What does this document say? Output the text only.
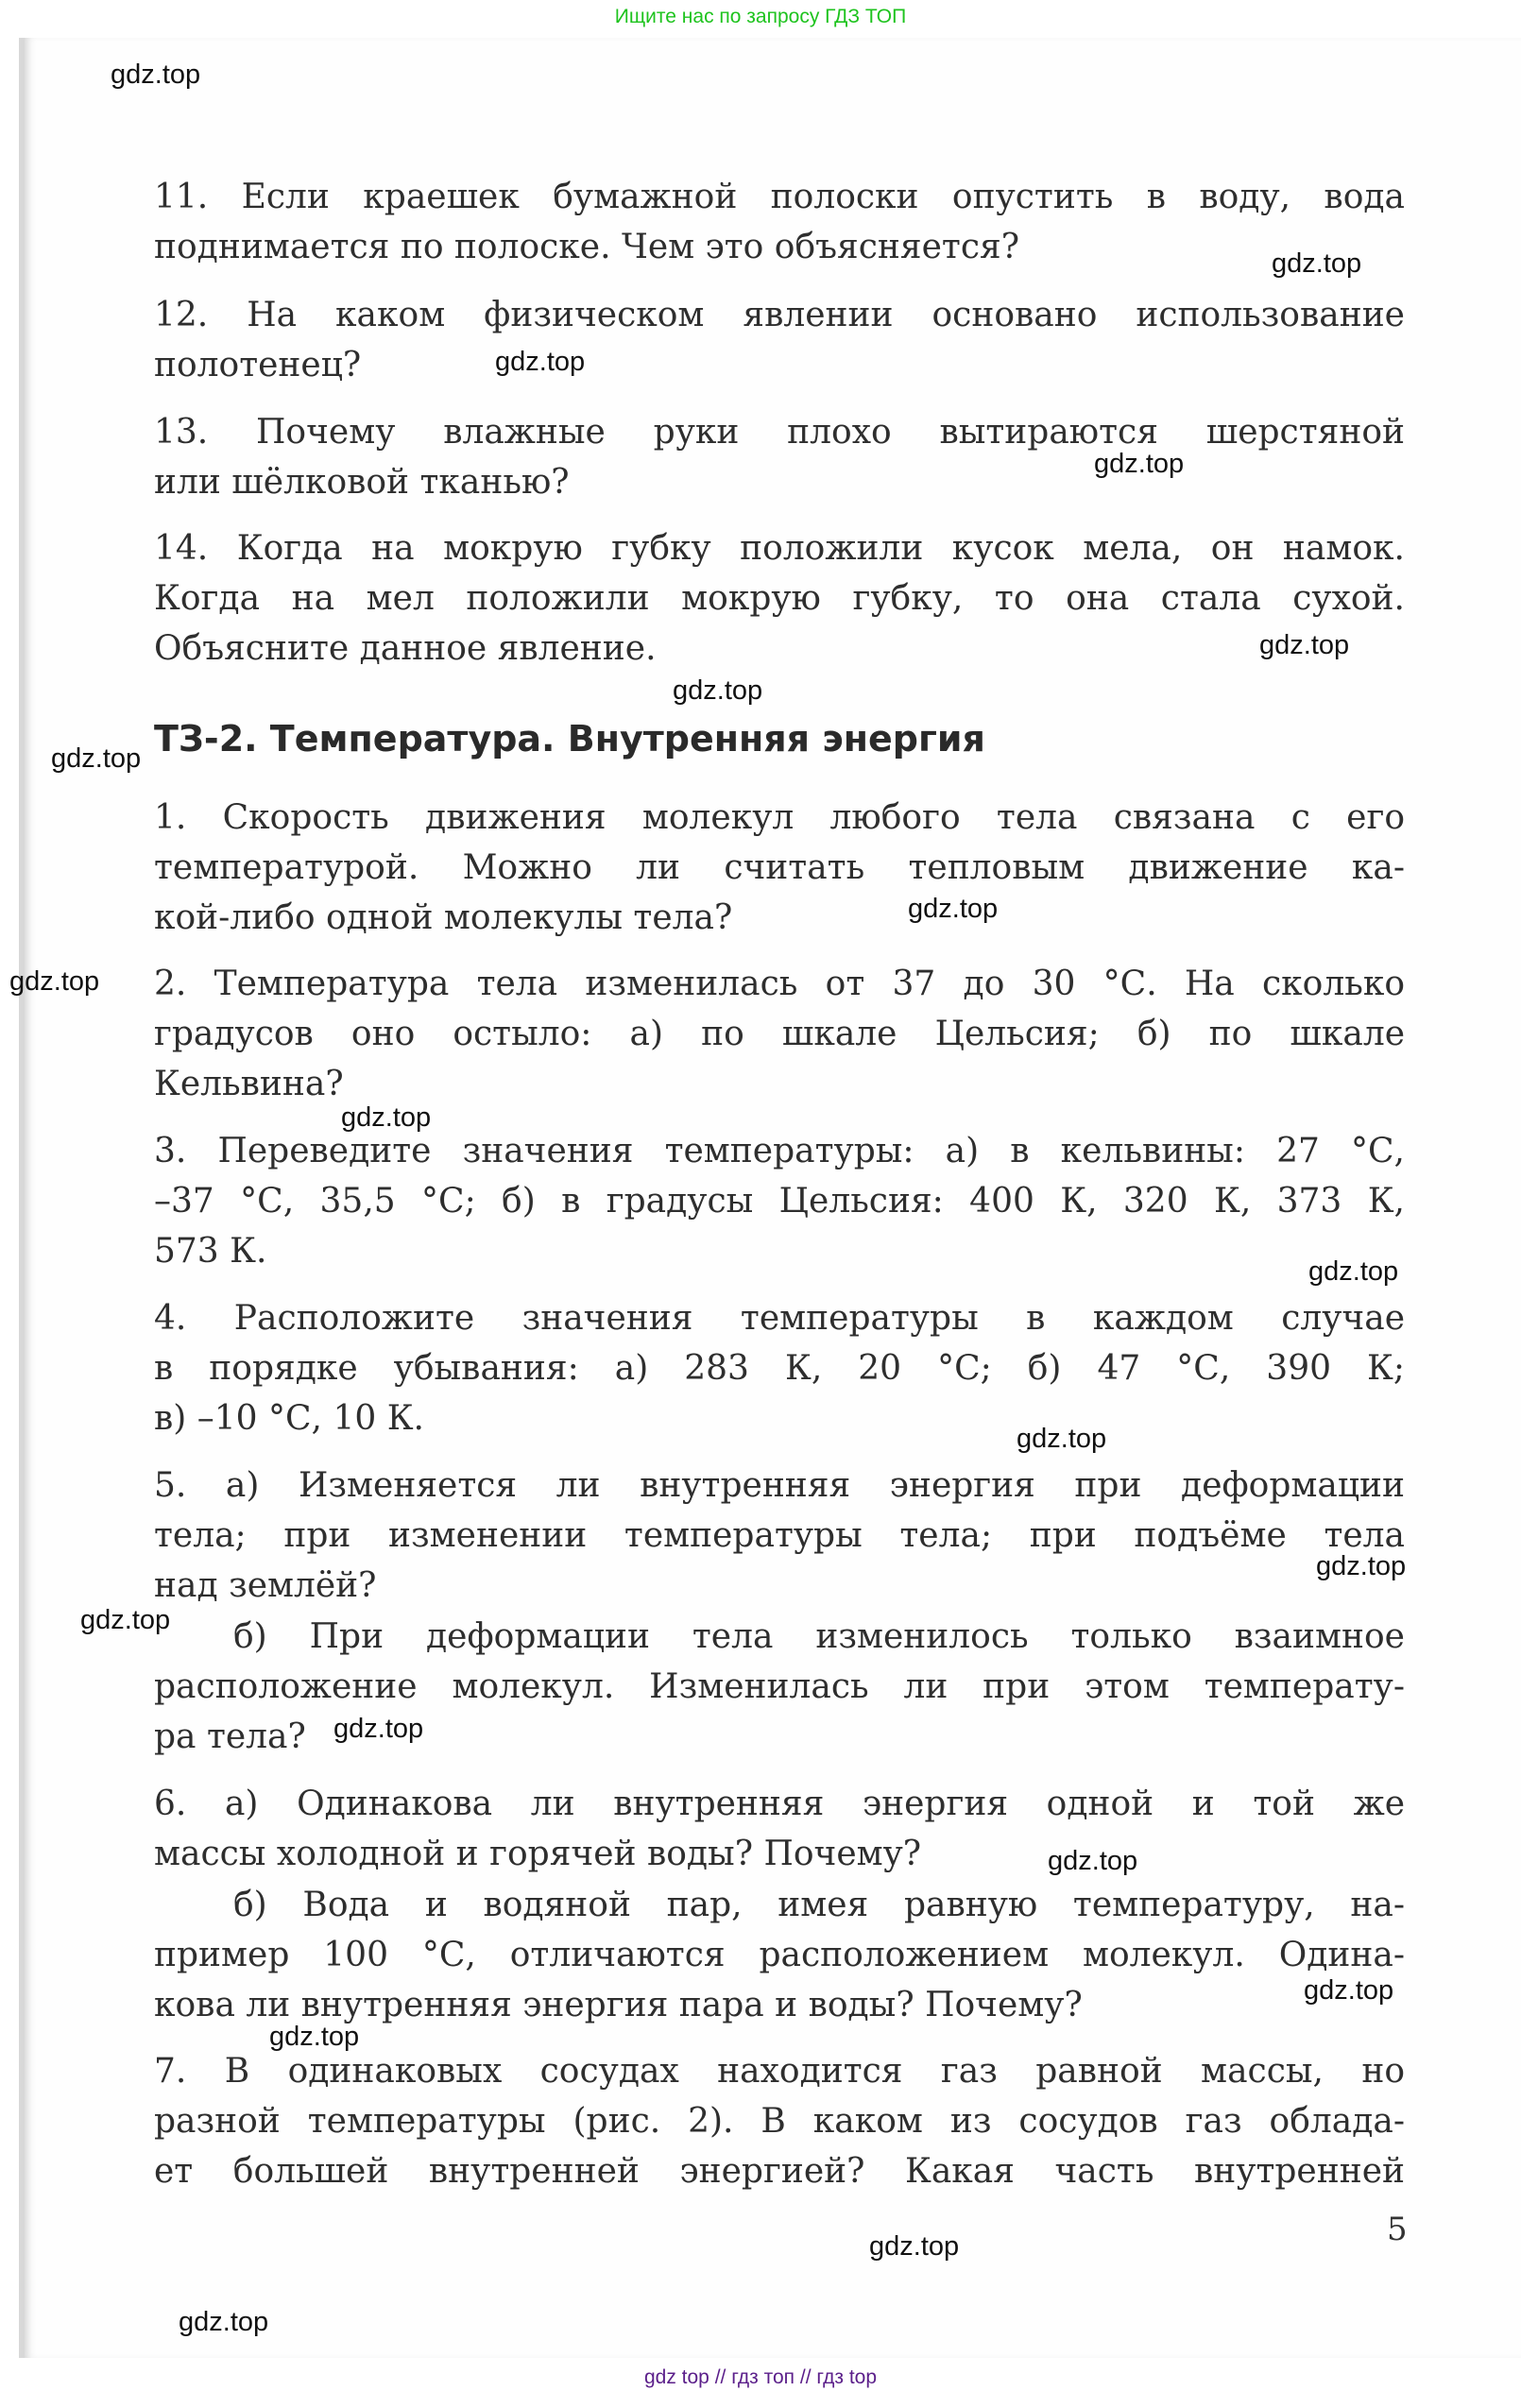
Ищите нас по запросу ГДЗ ТОП
11. Если краешек бумажной полоски опустить в воду, вода
поднимается по полоске. Чем это объясняется?
12. На каком физическом явлении основано использование
полотенец?
13. Почему влажные руки плохо вытираются шерстяной
или шёлковой тканью?
14. Когда на мокрую губку положили кусок мела, он намок.
Когда на мел положили мокрую губку, то она стала сухой.
Объясните данное явление.
ТЗ-2. Температура. Внутренняя энергия
1. Скорость движения молекул любого тела связана с его
температурой. Можно ли считать тепловым движение ка-
кой-либо одной молекулы тела?
2. Температура тела изменилась от 37 до 30 °С. На сколько
градусов оно остыло: а) по шкале Цельсия; б) по шкале
Кельвина?
3. Переведите значения температуры: а) в кельвины: 27 °С,
–37 °С, 35,5 °С; б) в градусы Цельсия: 400 К, 320 К, 373 К,
573 К.
4. Расположите значения температуры в каждом случае
в порядке убывания: а) 283 К, 20 °С; б) 47 °С, 390 К;
в) –10 °С, 10 К.
5. а) Изменяется ли внутренняя энергия при деформации
тела; при изменении температуры тела; при подъёме тела
над землёй?
б) При деформации тела изменилось только взаимное
расположение молекул. Изменилась ли при этом температу-
ра тела?
6. а) Одинакова ли внутренняя энергия одной и той же
массы холодной и горячей воды? Почему?
б) Вода и водяной пар, имея равную температуру, на-
пример 100 °С, отличаются расположением молекул. Одина-
кова ли внутренняя энергия пара и воды? Почему?
7. В одинаковых сосудах находится газ равной массы, но
разной температуры (рис. 2). В каком из сосудов газ облада-
ет большей внутренней энергией? Какая часть внутренней
5
gdz.top
gdz.top
gdz.top
gdz.top
gdz.top
gdz.top
gdz.top
gdz.top
gdz.top
gdz.top
gdz.top
gdz.top
gdz.top
gdz.top
gdz.top
gdz.top
gdz.top
gdz.top
gdz.top
gdz.top
gdz top // гдз топ // гдз top
